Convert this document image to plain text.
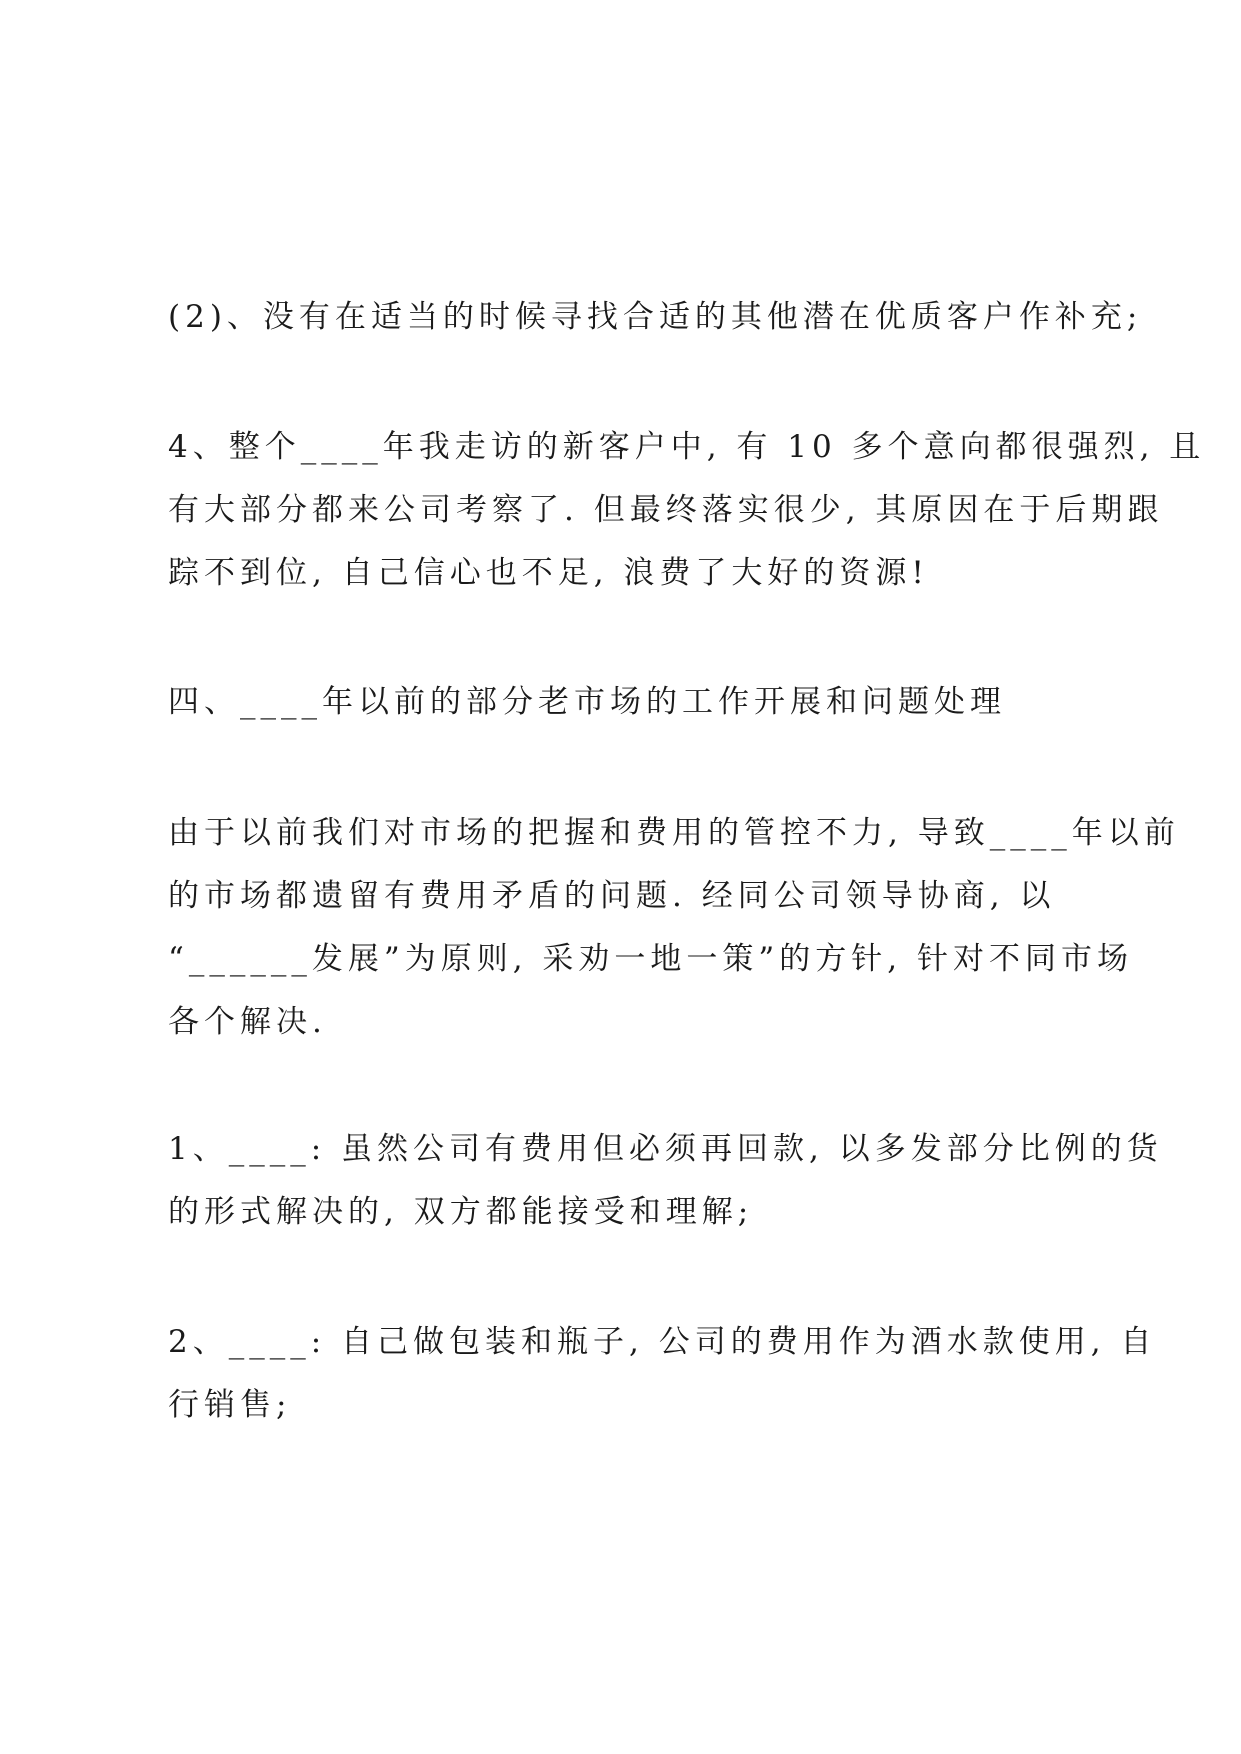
(2)、没有在适当的时候寻找合适的其他潜在优质客户作补充;

4、整个____年我走访的新客户中, 有 10 多个意向都很强烈, 且
有大部分都来公司考察了. 但最终落实很少, 其原因在于后期跟
踪不到位, 自己信心也不足, 浪费了大好的资源!

四、____年以前的部分老市场的工作开展和问题处理

由于以前我们对市场的把握和费用的管控不力, 导致____年以前
的市场都遗留有费用矛盾的问题. 经同公司领导协商, 以
“______发展”为原则, 采劝一地一策”的方针, 针对不同市场
各个解决.

1、____: 虽然公司有费用但必须再回款, 以多发部分比例的货
的形式解决的, 双方都能接受和理解;

2、____: 自己做包装和瓶子, 公司的费用作为酒水款使用, 自
行销售;
